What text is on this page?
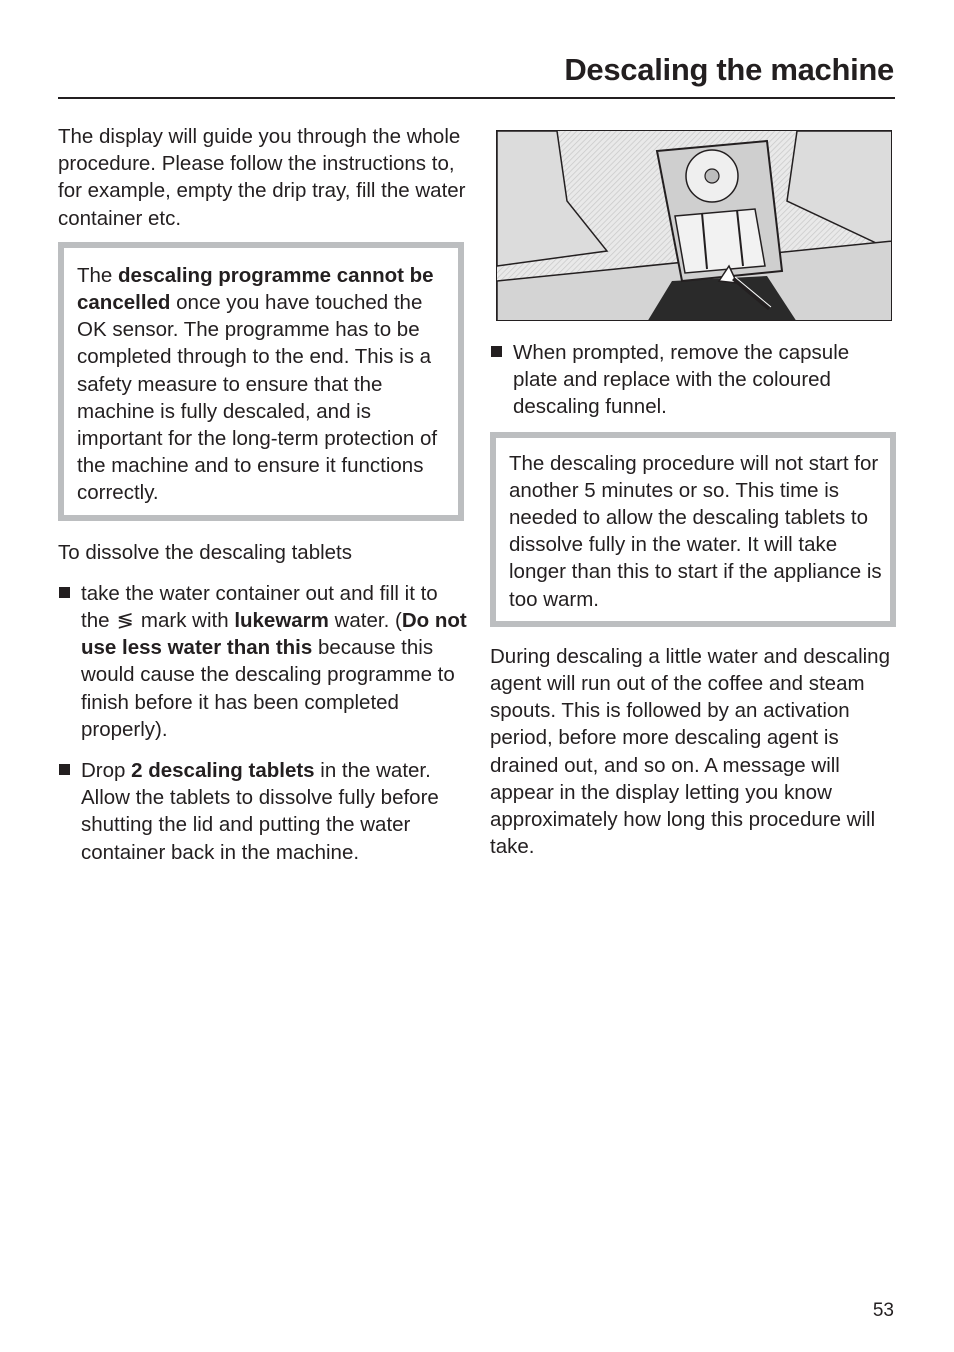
Descaling the machine

The display will guide you through the whole procedure. Please follow the instructions to, for example, empty the drip tray, fill the water container etc.

The descaling programme cannot be cancelled once you have touched the OK sensor. The programme has to be completed through to the end. This is a safety measure to ensure that the machine is fully descaled, and is important for the long-term protection of the machine and to ensure it functions correctly.

To dissolve the descaling tablets

take the water container out and fill it to the ≶ mark with lukewarm water. (Do not use less water than this because this would cause the descaling programme to finish before it has been completed properly).

Drop 2 descaling tablets in the water. Allow the tablets to dissolve fully before shutting the lid and putting the water container back in the machine.

When prompted, remove the capsule plate and replace with the coloured descaling funnel.

The descaling procedure will not start for another 5 minutes or so. This time is needed to allow the descaling tablets to dissolve fully in the water. It will take longer than this to start if the appliance is too warm.

During descaling a little water and descaling agent will run out of the coffee and steam spouts. This is followed by an activation period, before more descaling agent is drained out, and so on. A message will appear in the display letting you know approximately how long this procedure will take.

53
